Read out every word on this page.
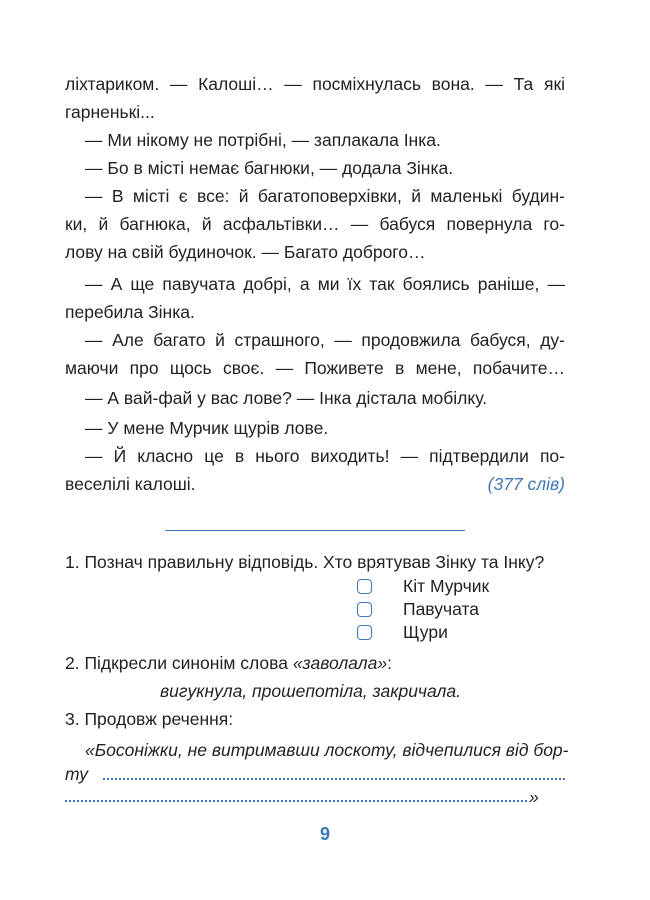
ліхтариком. — Калоші… — посміхнулась вона. — Та які
гарненькі...
— Ми нікому не потрібні, — заплакала Інка.
— Бо в місті немає багнюки, — додала Зінка.
— В місті є все: й багатоповерхівки, й маленькі будин-
ки, й багнюка, й асфальтівки… — бабуся повернула го-
лову на свій будиночок. — Багато доброго…
— А ще павучата добрі, а ми їх так боялись раніше, —
перебила Зінка.
— Але багато й страшного, — продовжила бабуся, ду-
маючи про щось своє. — Поживете в мене, побачите…
— А вай-фай у вас лове? — Інка дістала мобілку.
— У мене Мурчик щурів лове.
— Й класно це в нього виходить! — підтвердили по-
веселілі калоші.	(377 слів)
1. Познач правильну відповідь. Хто врятував Зінку та Інку?
Кіт Мурчик
Павучата
Щури
2. Підкресли синонім слова «заволала»:
вигукнула, прошепотіла, закричала.
3. Продовж речення:
«Босоніжки, не витримавши лоскоту, відчепилися від бор-
ту
»
9
